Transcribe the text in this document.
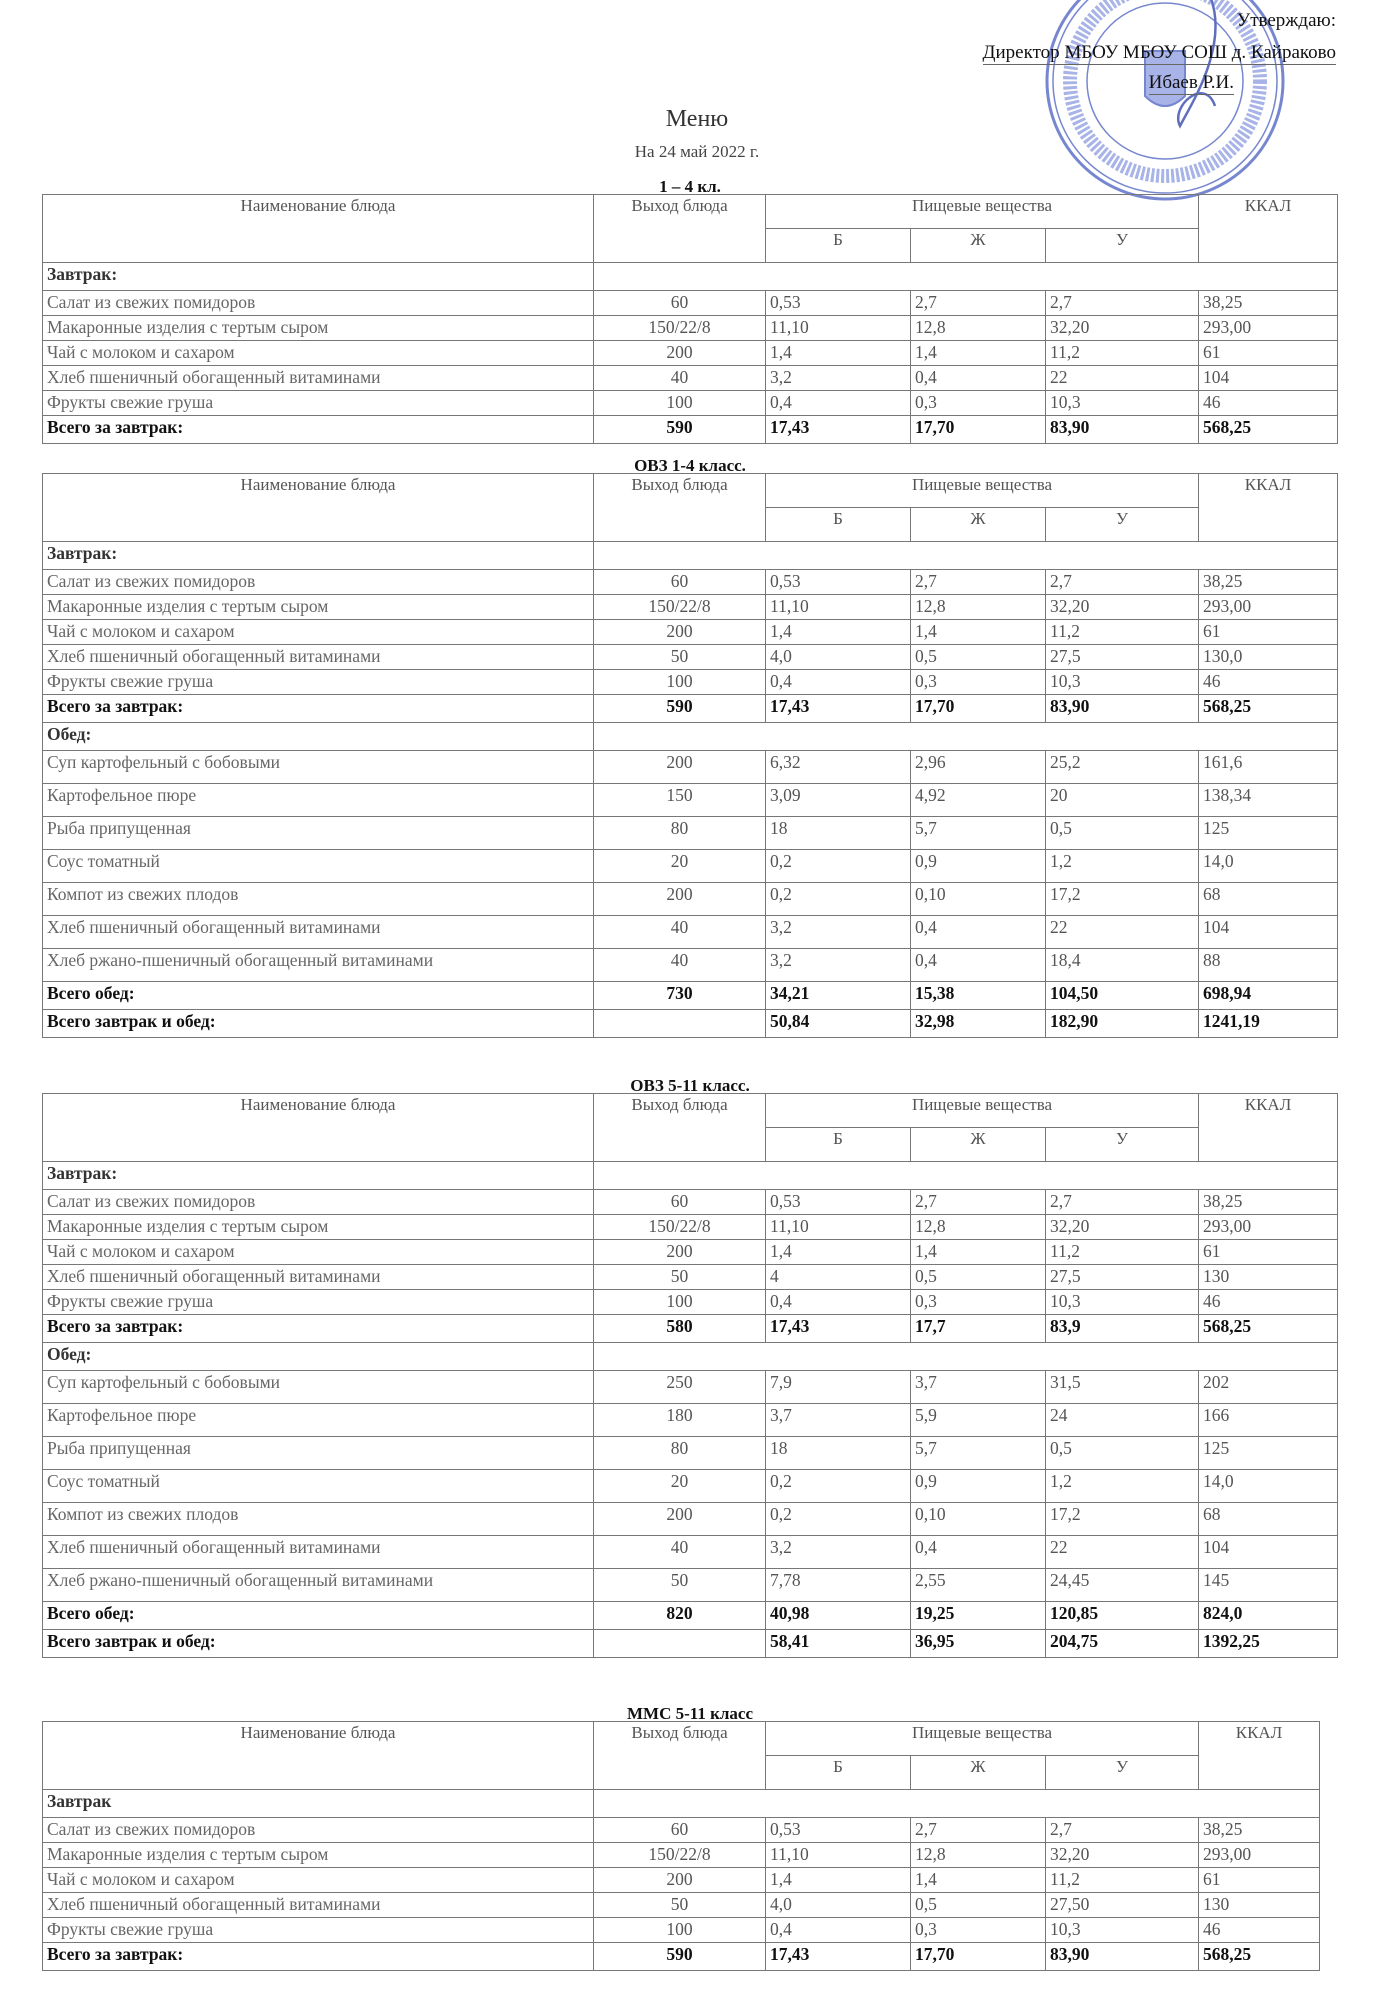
Утверждаю:
Директор МБОУ МБОУ СОШ д. Кайраково
Ибаев Р.И.
Меню
На 24 май 2022 г.
1 – 4 кл.
Наименование блюда	Выход блюда	Пищевые вещества			ККАЛ
		Б	Ж	У	
Завтрак:					
Салат из свежих помидоров	60	0,53	2,7	2,7	38,25
Макаронные изделия с тертым сыром	150/22/8	11,10	12,8	32,20	293,00
Чай с молоком и сахаром	200	1,4	1,4	11,2	61
Хлеб пшеничный обогащенный витаминами	40	3,2	0,4	22	104
Фрукты свежие груша	100	0,4	0,3	10,3	46
Всего за завтрак:	590	17,43	17,70	83,90	568,25
ОВЗ 1-4 класс.
Наименование блюда	Выход блюда	Пищевые вещества			ККАЛ
		Б	Ж	У	
Завтрак:					
Салат из свежих помидоров	60	0,53	2,7	2,7	38,25
Макаронные изделия с тертым сыром	150/22/8	11,10	12,8	32,20	293,00
Чай с молоком и сахаром	200	1,4	1,4	11,2	61
Хлеб пшеничный обогащенный витаминами	50	4,0	0,5	27,5	130,0
Фрукты свежие груша	100	0,4	0,3	10,3	46
Всего за завтрак:	590	17,43	17,70	83,90	568,25
Обед:					
Суп картофельный с бобовыми	200	6,32	2,96	25,2	161,6
Картофельное пюре	150	3,09	4,92	20	138,34
Рыба припущенная	80	18	5,7	0,5	125
Соус томатный	20	0,2	0,9	1,2	14,0
Компот из свежих плодов	200	0,2	0,10	17,2	68
Хлеб пшеничный обогащенный витаминами	40	3,2	0,4	22	104
Хлеб ржано-пшеничный обогащенный витаминами	40	3,2	0,4	18,4	88
Всего обед:	730	34,21	15,38	104,50	698,94
Всего завтрак и обед:		50,84	32,98	182,90	1241,19
ОВЗ 5-11 класс.
Наименование блюда	Выход блюда	Пищевые вещества			ККАЛ
		Б	Ж	У	
Завтрак:					
Салат из свежих помидоров	60	0,53	2,7	2,7	38,25
Макаронные изделия с тертым сыром	150/22/8	11,10	12,8	32,20	293,00
Чай с молоком и сахаром	200	1,4	1,4	11,2	61
Хлеб пшеничный обогащенный витаминами	50	4	0,5	27,5	130
Фрукты свежие груша	100	0,4	0,3	10,3	46
Всего за завтрак:	580	17,43	17,7	83,9	568,25
Обед:					
Суп картофельный с бобовыми	250	7,9	3,7	31,5	202
Картофельное пюре	180	3,7	5,9	24	166
Рыба припущенная	80	18	5,7	0,5	125
Соус томатный	20	0,2	0,9	1,2	14,0
Компот из свежих плодов	200	0,2	0,10	17,2	68
Хлеб пшеничный обогащенный витаминами	40	3,2	0,4	22	104
Хлеб ржано-пшеничный обогащенный витаминами	50	7,78	2,55	24,45	145
Всего обед:	820	40,98	19,25	120,85	824,0
Всего завтрак и обед:		58,41	36,95	204,75	1392,25
ММС 5-11 класс
Наименование блюда	Выход блюда	Пищевые вещества			ККАЛ
		Б	Ж	У	
Завтрак					
Салат из свежих помидоров	60	0,53	2,7	2,7	38,25
Макаронные изделия с тертым сыром	150/22/8	11,10	12,8	32,20	293,00
Чай с молоком и сахаром	200	1,4	1,4	11,2	61
Хлеб пшеничный обогащенный витаминами	50	4,0	0,5	27,50	130
Фрукты свежие груша	100	0,4	0,3	10,3	46
Всего за завтрак:	590	17,43	17,70	83,90	568,25
